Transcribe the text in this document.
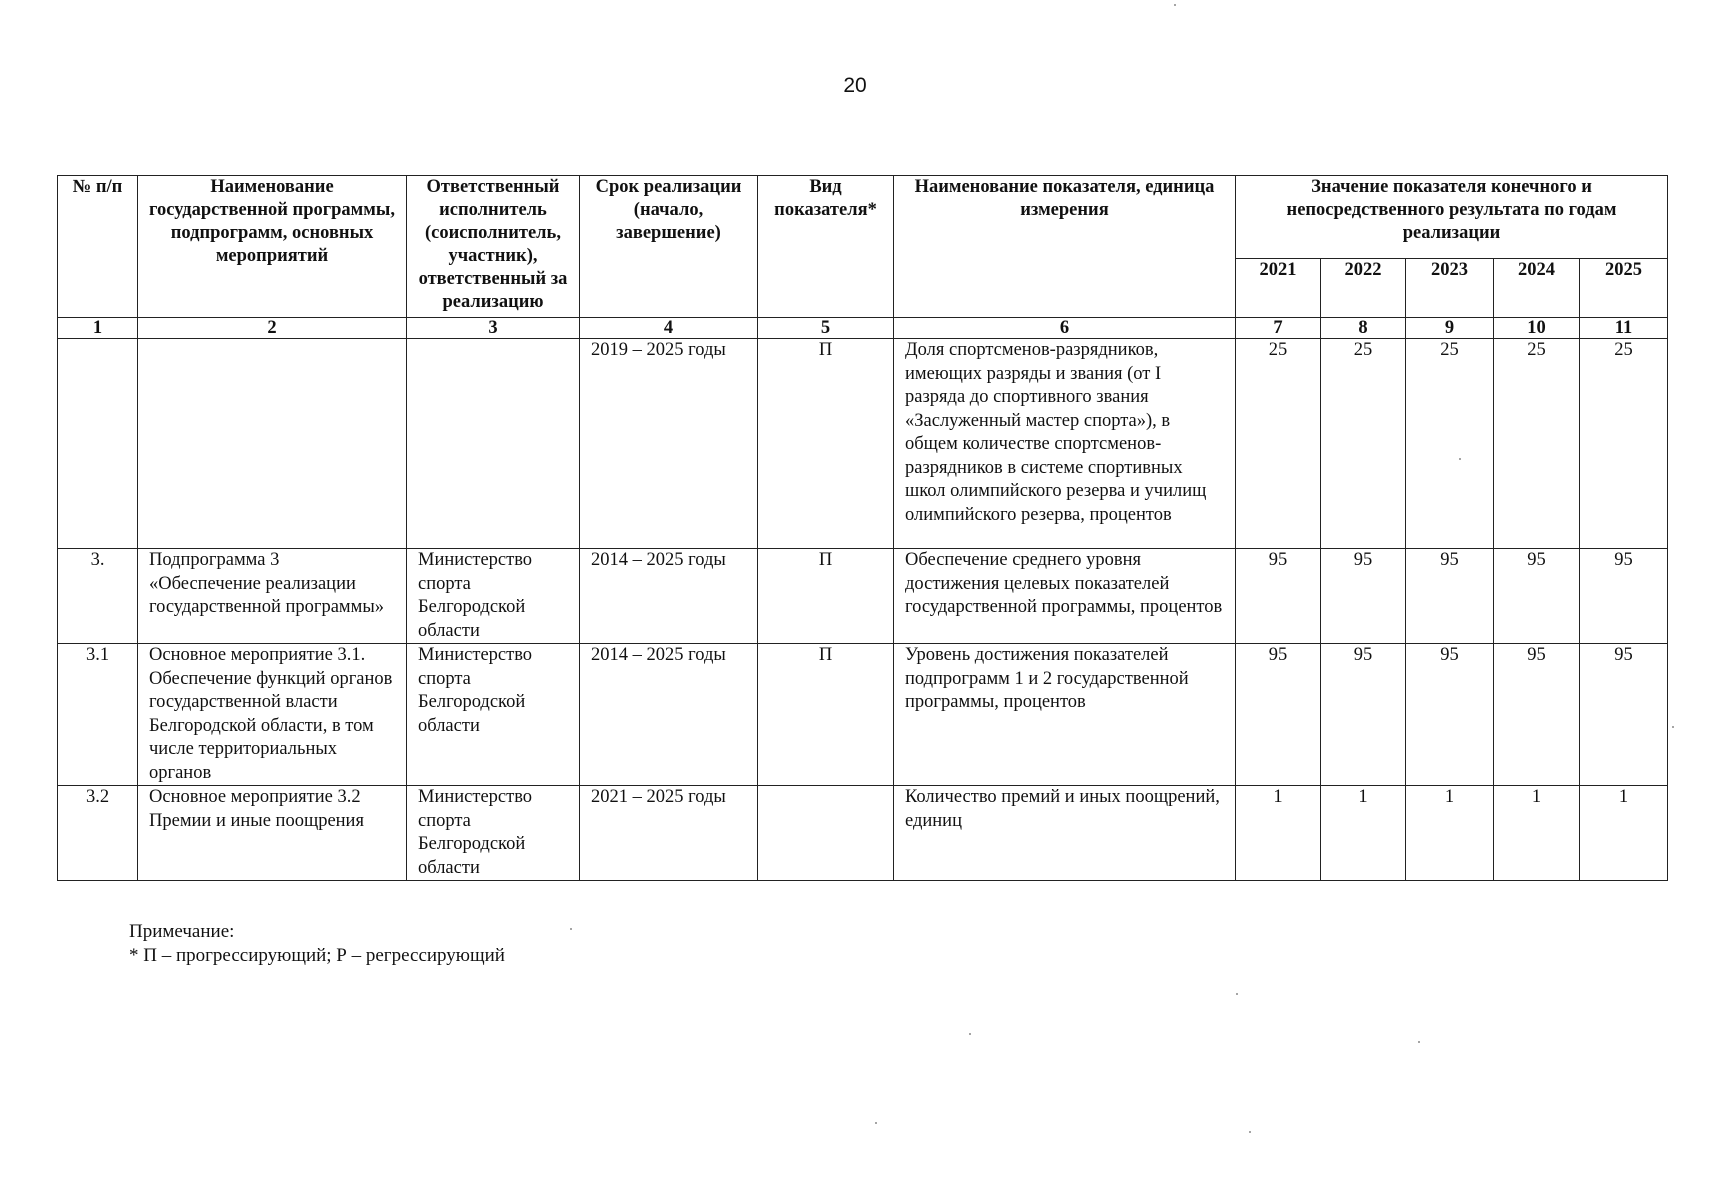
20
№ п/п	Наименование государственной программы, подпрограмм, основных мероприятий	Ответственный исполнитель (соисполнитель, участник), ответственный за реализацию	Срок реализации (начало, завершение)	Вид показателя*	Наименование показателя, единица измерения	Значение показателя конечного и непосредственного результата по годам реализации				
						2021	2022	2023	2024	2025
1	2	3	4	5	6	7	8	9	10	11
			2019 – 2025 годы	П	Доля спортсменов-разрядников, имеющих разряды и звания (от I разряда до спортивного звания «Заслуженный мастер спорта»), в общем количестве спортсменов-разрядников в системе спортивных школ олимпийского резерва и училищ олимпийского резерва, процентов	25	25	25	25	25
3.	Подпрограмма 3 «Обеспечение реализации государственной программы»	Министерство спорта Белгородской области	2014 – 2025 годы	П	Обеспечение среднего уровня достижения целевых показателей государственной программы, процентов	95	95	95	95	95
3.1	Основное мероприятие 3.1. Обеспечение функций органов государственной власти Белгородской области, в том числе территориальных органов	Министерство спорта Белгородской области	2014 – 2025 годы	П	Уровень достижения показателей подпрограмм 1 и 2 государственной программы, процентов	95	95	95	95	95
3.2	Основное мероприятие 3.2 Премии и иные поощрения	Министерство спорта Белгородской области	2021 – 2025 годы		Количество премий и иных поощрений, единиц	1	1	1	1	1
Примечание:
* П – прогрессирующий; Р – регрессирующий
